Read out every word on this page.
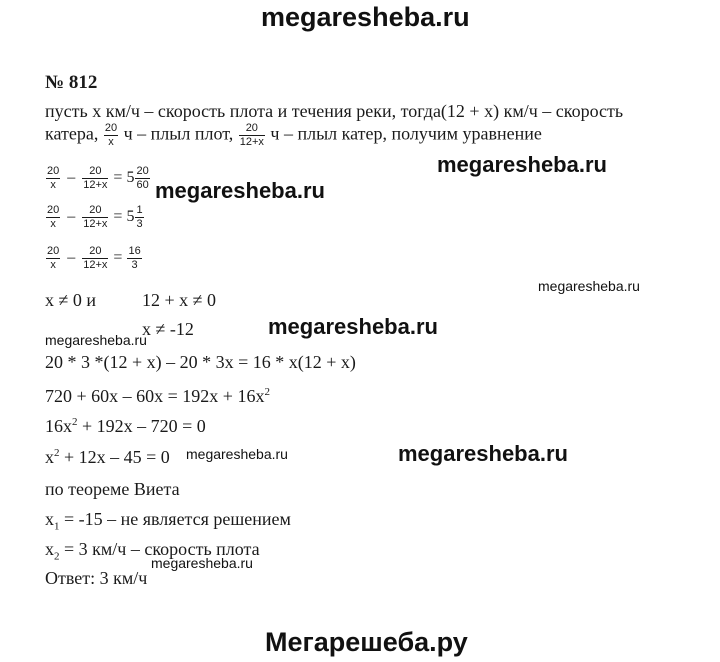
megaresheba.ru
№ 812
пусть x км/ч – скорость плота и течения реки, тогда(12 + x) км/ч – скорость
катера, $\frac{20}{x}$ ч – плыл плот, $\frac{20}{12+x}$ ч – плыл катер, получим уравнение
megaresheba.ru
$\frac{20}{x} - \frac{20}{12+x} = 5 \frac{20}{60}$ megaresheba.ru
$\frac{20}{x} - \frac{20}{12+x} = 5 \frac{1}{3}$
$\frac{20}{x} - \frac{20}{12+x} = \frac{16}{3}$
x ≠ 0 и	12 + x ≠ 0
megaresheba.ru
x ≠ -12	megaresheba.ru
megaresheba.ru
20 * 3 *(12 + x) – 20 * 3x = 16 * x(12 + x)
$720 + 60x - 60x = 192x + 16x^2$
$16x^2 + 192x - 720 = 0$
$x^2 + 12x - 45 = 0$ megaresheba.ru	megaresheba.ru
по теореме Виета
$x_1 = -15$ – не является решением
$x_2 = 3$ км/ч – скорость плота
megaresheba.ru
Ответ: 3 км/ч
Мегарешеба.ру
